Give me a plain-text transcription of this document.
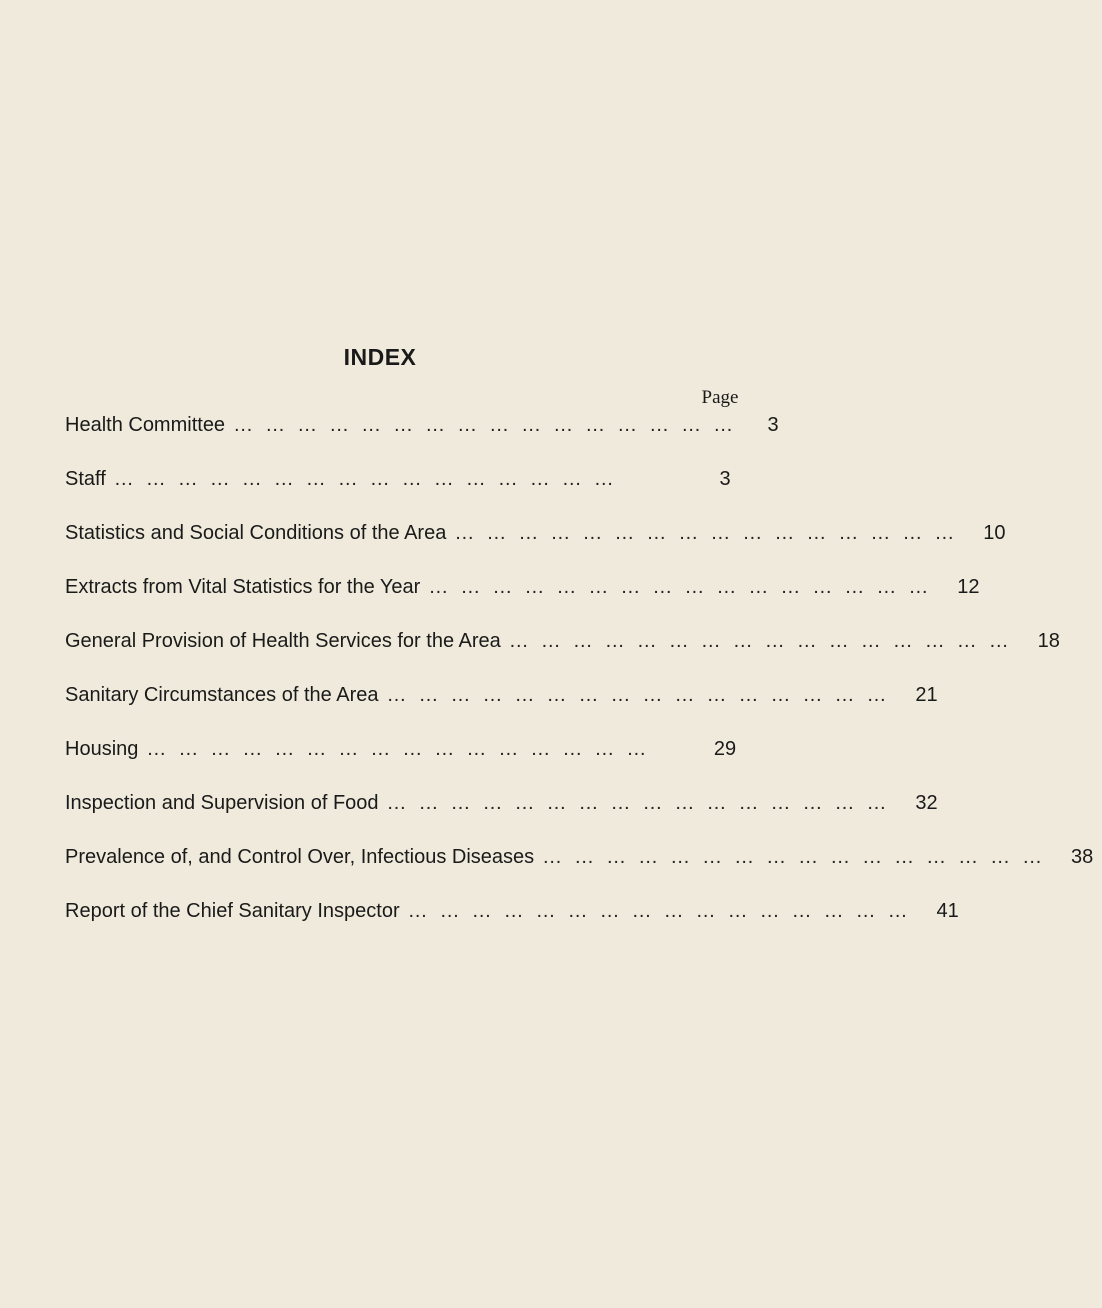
INDEX
Page
Health Committee …………………………………………	3
Staff …………………………………………	3
Statistics and Social Conditions of the Area ………………………………………… 10
Extracts from Vital Statistics for the Year ………………………………………… 12
General Provision of Health Services for the Area ………………………………………… 18
Sanitary Circumstances of the Area ………………………………………… 21
Housing …………………………………………	29
Inspection and Supervision of Food ………………………………………… 32
Prevalence of, and Control Over, Infectious Diseases ………………………………………… 38
Report of the Chief Sanitary Inspector ………………………………………… 41
